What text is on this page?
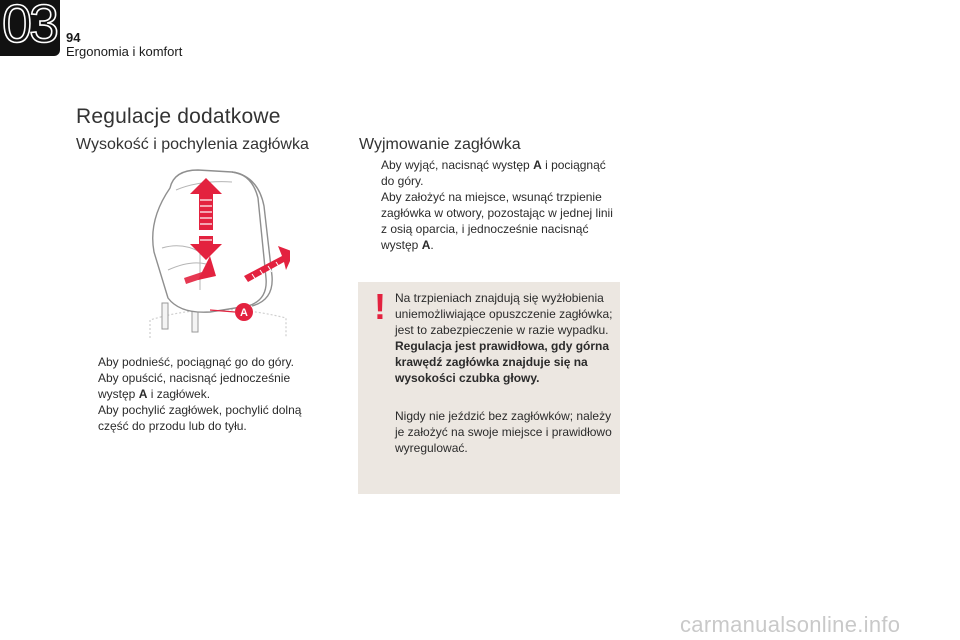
03 94
Ergonomia i komfort
Regulacje dodatkowe
Wysokość i pochylenia zagłówka	Wyjmowanie zagłówka
A
Aby podnieść, pociągnąć go do góry.
Aby opuścić, nacisnąć jednocześnie występ A i zagłówek.
Aby pochylić zagłówek, pochylić dolną część do przodu lub do tyłu.
Aby wyjąć, nacisnąć występ A i pociągnąć do góry.
Aby założyć na miejsce, wsunąć trzpienie zagłówka w otwory, pozostając w jednej linii z osią oparcia, i jednocześnie nacisnąć występ A.
! Na trzpieniach znajdują się wyżłobienia uniemożliwiające opuszczenie zagłówka; jest to zabezpieczenie w razie wypadku.

Regulacja jest prawidłowa, gdy górna krawędź zagłówka znajduje się na wysokości czubka głowy.

Nigdy nie jeździć bez zagłówków; należy je założyć na swoje miejsce i prawidłowo wyregulować.

carmanualsonline.info
